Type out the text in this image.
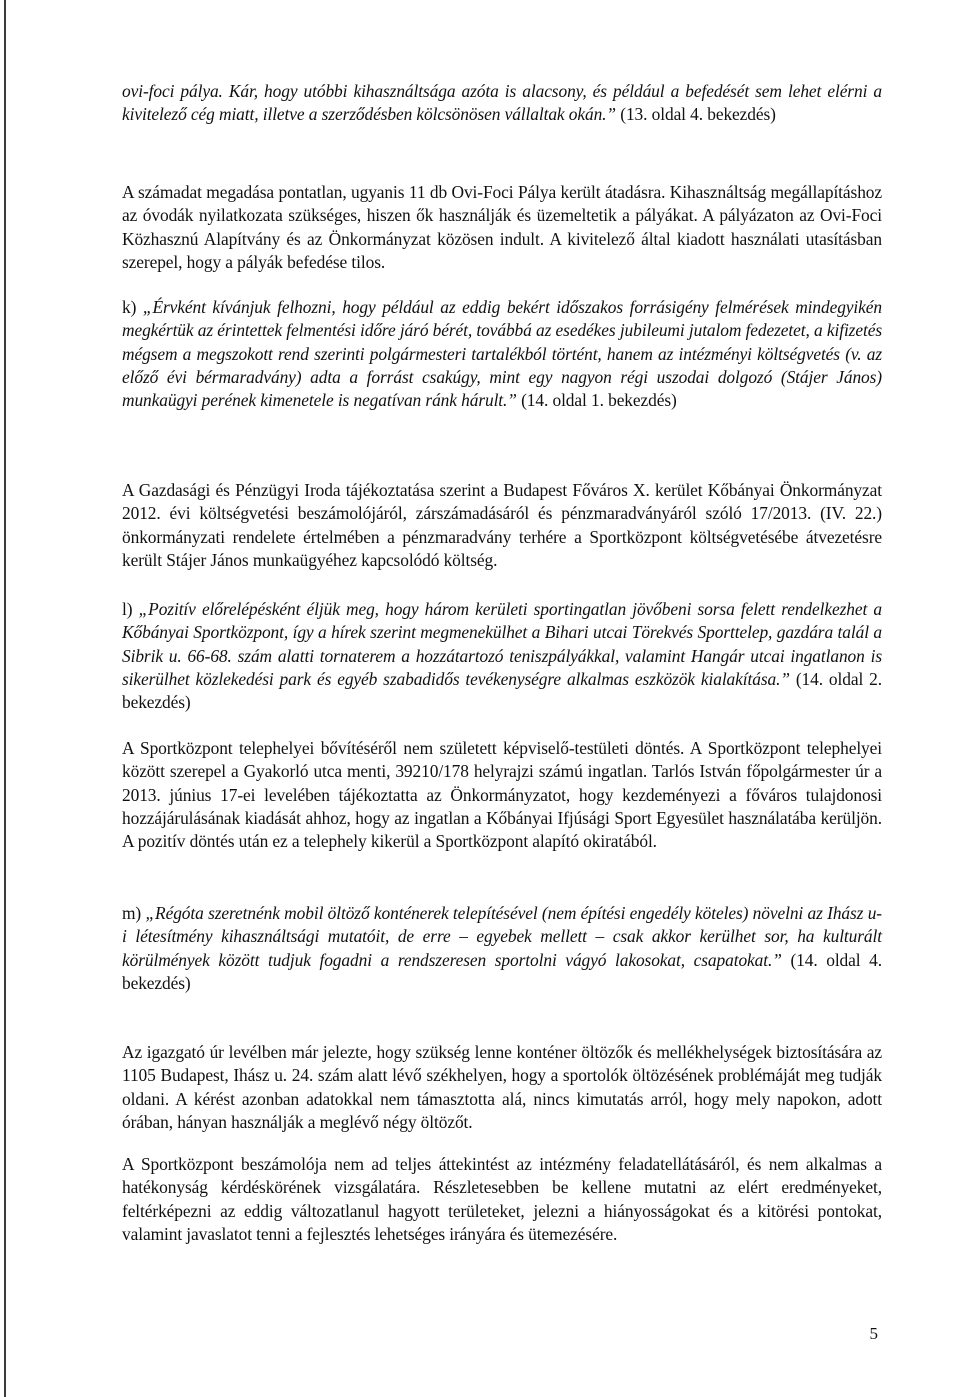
ovi-foci pálya. Kár, hogy utóbbi kihasználtsága azóta is alacsony, és például a befedését sem lehet elérni a kivitelező cég miatt, illetve a szerződésben kölcsönösen vállaltak okán.” (13. oldal 4. bekezdés)
A számadat megadása pontatlan, ugyanis 11 db Ovi-Foci Pálya került átadásra. Kihasználtság megállapításhoz az óvodák nyilatkozata szükséges, hiszen ők használják és üzemeltetik a pályákat. A pályázaton az Ovi-Foci Közhasznú Alapítvány és az Önkormányzat közösen indult. A kivitelező által kiadott használati utasításban szerepel, hogy a pályák befedése tilos.
k) „Érvként kívánjuk felhozni, hogy például az eddig bekért időszakos forrásigény felmérések mindegyikén megkértük az érintettek felmentési időre járó bérét, továbbá az esedékes jubileumi jutalom fedezetet, a kifizetés mégsem a megszokott rend szerinti polgármesteri tartalékból történt, hanem az intézményi költségvetés (v. az előző évi bérmaradvány) adta a forrást csakúgy, mint egy nagyon régi uszodai dolgozó (Stájer János) munkaügyi perének kimenetele is negatívan ránk hárult.” (14. oldal 1. bekezdés)
A Gazdasági és Pénzügyi Iroda tájékoztatása szerint a Budapest Főváros X. kerület Kőbányai Önkormányzat 2012. évi költségvetési beszámolójáról, zárszámadásáról és pénzmaradványáról szóló 17/2013. (IV. 22.) önkormányzati rendelete értelmében a pénzmaradvány terhére a Sportközpont költségvetésébe átvezetésre került Stájer János munkaügyéhez kapcsolódó költség.
l) „Pozitív előrelépésként éljük meg, hogy három kerületi sportingatlan jövőbeni sorsa felett rendelkezhet a Kőbányai Sportközpont, így a hírek szerint megmenekülhet a Bihari utcai Törekvés Sporttelep, gazdára talál a Sibrik u. 66-68. szám alatti tornaterem a hozzátartozó teniszpályákkal, valamint Hangár utcai ingatlanon is sikerülhet közlekedési park és egyéb szabadidős tevékenységre alkalmas eszközök kialakítása.” (14. oldal 2. bekezdés)
A Sportközpont telephelyei bővítéséről nem született képviselő-testületi döntés. A Sportközpont telephelyei között szerepel a Gyakorló utca menti, 39210/178 helyrajzi számú ingatlan. Tarlós István főpolgármester úr a 2013. június 17-ei levelében tájékoztatta az Önkormányzatot, hogy kezdeményezi a főváros tulajdonosi hozzájárulásának kiadását ahhoz, hogy az ingatlan a Kőbányai Ifjúsági Sport Egyesület használatába kerüljön. A pozitív döntés után ez a telephely kikerül a Sportközpont alapító okiratából.
m) „Régóta szeretnénk mobil öltöző konténerek telepítésével (nem építési engedély köteles) növelni az Ihász u-i létesítmény kihasználtsági mutatóit, de erre – egyebek mellett – csak akkor kerülhet sor, ha kulturált körülmények között tudjuk fogadni a rendszeresen sportolni vágyó lakosokat, csapatokat.” (14. oldal 4. bekezdés)
Az igazgató úr levélben már jelezte, hogy szükség lenne konténer öltözők és mellékhelységek biztosítására az 1105 Budapest, Ihász u. 24. szám alatt lévő székhelyen, hogy a sportolók öltözésének problémáját meg tudják oldani. A kérést azonban adatokkal nem támasztotta alá, nincs kimutatás arról, hogy mely napokon, adott órában, hányan használják a meglévő négy öltözőt.
A Sportközpont beszámolója nem ad teljes áttekintést az intézmény feladatellátásáról, és nem alkalmas a hatékonyság kérdéskörének vizsgálatára. Részletesebben be kellene mutatni az elért eredményeket, feltérképezni az eddig változatlanul hagyott területeket, jelezni a hiányosságokat és a kitörési pontokat, valamint javaslatot tenni a fejlesztés lehetséges irányára és ütemezésére.
5
